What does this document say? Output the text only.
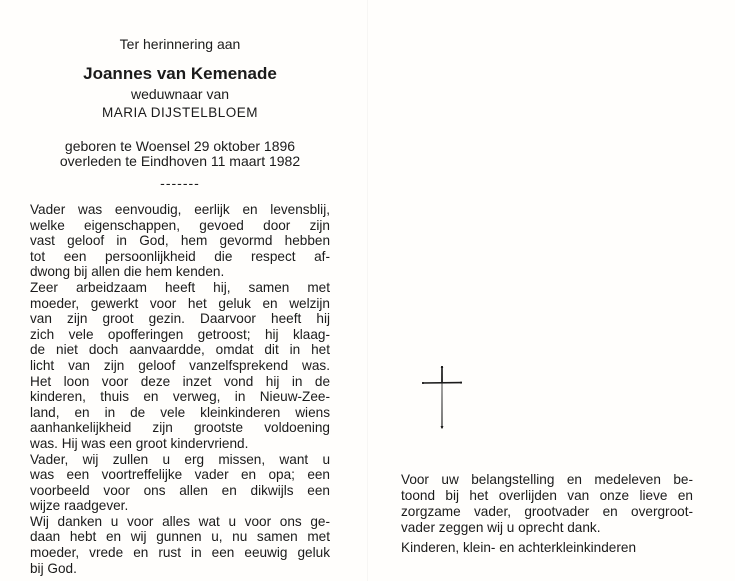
Ter herinnering aan
Joannes van Kemenade
weduwnaar van
MARIA DIJSTELBLOEM
geboren te Woensel 29 oktober 1896
overleden te Eindhoven 11 maart 1982
-------
Vader was eenvoudig, eerlijk en levensblij,
welke eigenschappen, gevoed door zijn
vast geloof in God, hem gevormd hebben
tot een persoonlijkheid die respect af-
dwong bij allen die hem kenden.
Zeer arbeidzaam heeft hij, samen met
moeder, gewerkt voor het geluk en welzijn
van zijn groot gezin. Daarvoor heeft hij
zich vele opofferingen getroost; hij klaag-
de niet doch aanvaardde, omdat dit in het
licht van zijn geloof vanzelfsprekend was.
Het loon voor deze inzet vond hij in de
kinderen, thuis en verweg, in Nieuw-Zee-
land, en in de vele kleinkinderen wiens
aanhankelijkheid zijn grootste voldoening
was. Hij was een groot kindervriend.
Vader, wij zullen u erg missen, want u
was een voortreffelijke vader en opa; een
voorbeeld voor ons allen en dikwijls een
wijze raadgever.
Wij danken u voor alles wat u voor ons ge-
daan hebt en wij gunnen u, nu samen met
moeder, vrede en rust in een eeuwig geluk
bij God.
Voor uw belangstelling en medeleven be-
toond bij het overlijden van onze lieve en
zorgzame vader, grootvader en overgroot-
vader zeggen wij u oprecht dank.
Kinderen, klein- en achterkleinkinderen
